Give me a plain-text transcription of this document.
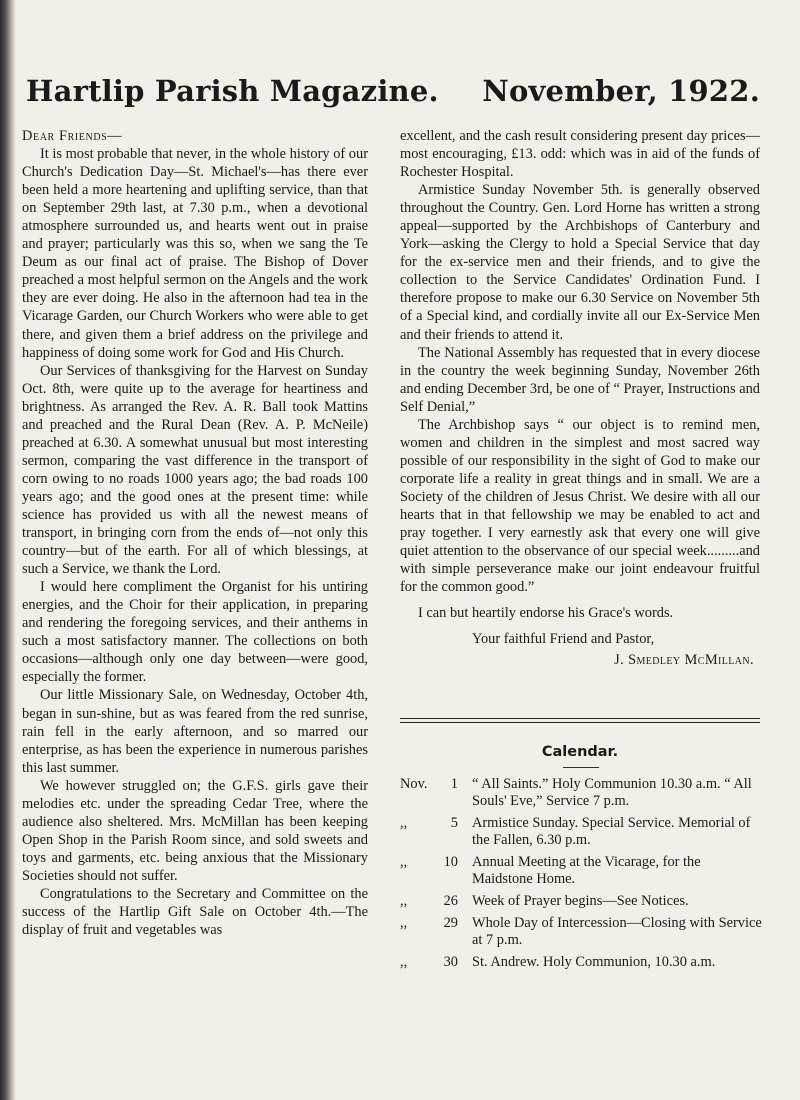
Hartlip Parish Magazine. November, 1922.

Dear Friends—

It is most probable that never, in the whole history of our Church's Dedication Day—St. Michael's—has there ever been held a more heartening and uplifting service, than that on September 29th last, at 7.30 p.m., when a devotional atmosphere surrounded us, and hearts went out in praise and prayer; particularly was this so, when we sang the Te Deum as our final act of praise. The Bishop of Dover preached a most helpful sermon on the Angels and the work they are ever doing. He also in the afternoon had tea in the Vicarage Garden, our Church Workers who were able to get there, and given them a brief address on the privilege and happiness of doing some work for God and His Church.

Our Services of thanksgiving for the Harvest on Sunday Oct. 8th, were quite up to the average for heartiness and brightness. As arranged the Rev. A. R. Ball took Mattins and preached and the Rural Dean (Rev. A. P. McNeile) preached at 6.30. A somewhat unusual but most interesting sermon, comparing the vast difference in the transport of corn owing to no roads 1000 years ago; the bad roads 100 years ago; and the good ones at the present time: while science has provided us with all the newest means of transport, in bringing corn from the ends of—not only this country—but of the earth. For all of which blessings, at such a Service, we thank the Lord.

I would here compliment the Organist for his untiring energies, and the Choir for their application, in preparing and rendering the foregoing services, and their anthems in such a most satisfactory manner. The collections on both occasions—although only one day between—were good, especially the former.

Our little Missionary Sale, on Wednesday, October 4th, began in sun-shine, but as was feared from the red sunrise, rain fell in the early afternoon, and so marred our enterprise, as has been the experience in numerous parishes this last summer.

We however struggled on; the G.F.S. girls gave their melodies etc. under the spreading Cedar Tree, where the audience also sheltered. Mrs. McMillan has been keeping Open Shop in the Parish Room since, and sold sweets and toys and garments, etc. being anxious that the Missionary Societies should not suffer.

Congratulations to the Secretary and Committee on the success of the Hartlip Gift Sale on October 4th.—The display of fruit and vegetables was

excellent, and the cash result considering present day prices—most encouraging, £13. odd: which was in aid of the funds of Rochester Hospital.

Armistice Sunday November 5th. is generally observed throughout the Country. Gen. Lord Horne has written a strong appeal—supported by the Archbishops of Canterbury and York—asking the Clergy to hold a Special Service that day for the ex-service men and their friends, and to give the collection to the Service Candidates' Ordination Fund. I therefore propose to make our 6.30 Service on November 5th of a Special kind, and cordially invite all our Ex-Service Men and their friends to attend it.

The National Assembly has requested that in every diocese in the country the week beginning Sunday, November 26th and ending December 3rd, be one of “ Prayer, Instructions and Self Denial,”

The Archbishop says “ our object is to remind men, women and children in the simplest and most sacred way possible of our responsibility in the sight of God to make our corporate life a reality in great things and in small. We are a Society of the children of Jesus Christ. We desire with all our hearts that in that fellowship we may be enabled to act and pray together. I very earnestly ask that every one will give quiet attention to the observance of our special week.........and with simple perseverance make our joint endeavour fruitful for the common good.”

I can but heartily endorse his Grace's words.

Your faithful Friend and Pastor,

J. Smedley McMillan.

Calendar.
Nov.	1 “ All Saints.” Holy Communion 10.30 a.m. “ All Souls' Eve,” Service 7 p.m.
,,	5 Armistice Sunday. Special Service. Memorial of the Fallen, 6.30 p.m.
,,	10 Annual Meeting at the Vicarage, for the Maidstone Home.
,,	26 Week of Prayer begins—See Notices.
,,	29 Whole Day of Intercession—Closing with Service at 7 p.m.
,,	30 St. Andrew. Holy Communion, 10.30 a.m.
